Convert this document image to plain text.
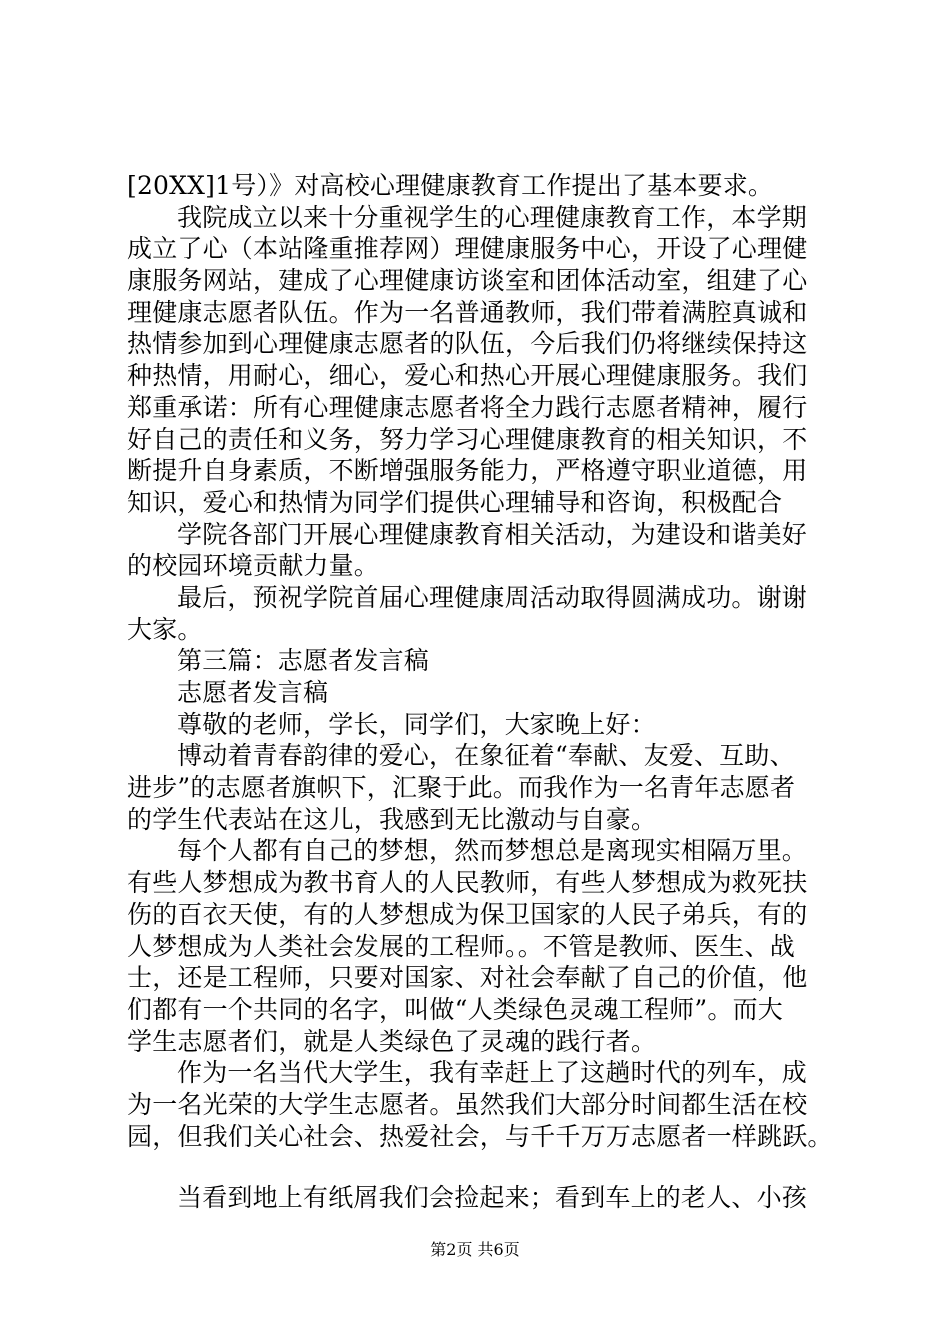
[20XX]1号）》对高校心理健康教育工作提出了基本要求。
我院成立以来十分重视学生的心理健康教育工作，本学期
成立了心（本站隆重推荐网）理健康服务中心，开设了心理健
康服务网站，建成了心理健康访谈室和团体活动室，组建了心
理健康志愿者队伍。作为一名普通教师，我们带着满腔真诚和
热情参加到心理健康志愿者的队伍，今后我们仍将继续保持这
种热情，用耐心，细心，爱心和热心开展心理健康服务。我们
郑重承诺：所有心理健康志愿者将全力践行志愿者精神，履行
好自己的责任和义务，努力学习心理健康教育的相关知识，不
断提升自身素质，不断增强服务能力，严格遵守职业道德，用
知识，爱心和热情为同学们提供心理辅导和咨询，积极配合
学院各部门开展心理健康教育相关活动，为建设和谐美好
的校园环境贡献力量。
最后，预祝学院首届心理健康周活动取得圆满成功。谢谢
大家。
第三篇：志愿者发言稿
志愿者发言稿
尊敬的老师，学长，同学们，大家晚上好：
博动着青春韵律的爱心，在象征着“奉献、友爱、互助、
进步”的志愿者旗帜下，汇聚于此。而我作为一名青年志愿者
的学生代表站在这儿，我感到无比激动与自豪。
每个人都有自己的梦想，然而梦想总是离现实相隔万里。
有些人梦想成为教书育人的人民教师，有些人梦想成为救死扶
伤的百衣天使，有的人梦想成为保卫国家的人民子弟兵，有的
人梦想成为人类社会发展的工程师。。不管是教师、医生、战
士，还是工程师，只要对国家、对社会奉献了自己的价值，他
们都有一个共同的名字，叫做“人类绿色灵魂工程师”。而大
学生志愿者们，就是人类绿色了灵魂的践行者。
作为一名当代大学生，我有幸赶上了这趟时代的列车，成
为一名光荣的大学生志愿者。虽然我们大部分时间都生活在校
园，但我们关心社会、热爱社会，与千千万万志愿者一样跳跃。
当看到地上有纸屑我们会捡起来；看到车上的老人、小孩
第2页 共6页
